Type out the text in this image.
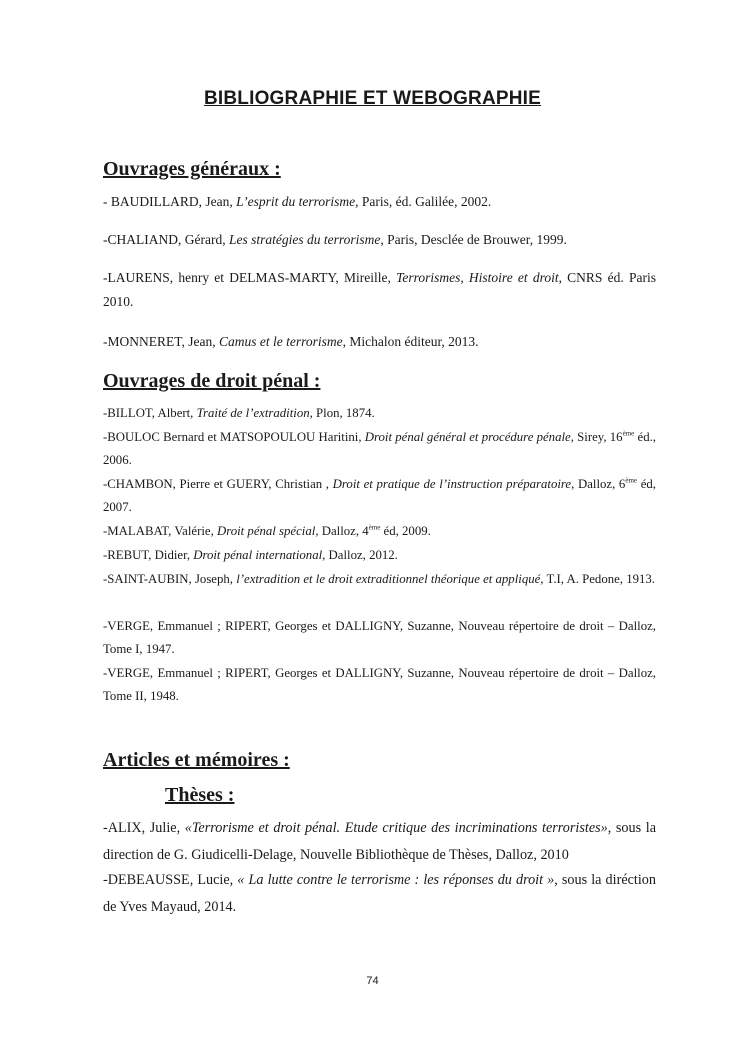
BIBLIOGRAPHIE ET WEBOGRAPHIE
Ouvrages généraux :
- BAUDILLARD, Jean, L’esprit du terrorisme, Paris, éd. Galilée, 2002.
-CHALIAND, Gérard, Les stratégies du terrorisme, Paris, Desclée de Brouwer, 1999.
-LAURENS, henry et DELMAS-MARTY, Mireille, Terrorismes, Histoire et droit, CNRS éd. Paris 2010.
-MONNERET, Jean, Camus et le terrorisme, Michalon éditeur, 2013.
Ouvrages de droit pénal :
-BILLOT, Albert, Traité de l’extradition, Plon, 1874.
-BOULOC Bernard et MATSOPOULOU Haritini, Droit pénal général et procédure pénale, Sirey, 16ème éd., 2006.
-CHAMBON, Pierre et GUERY, Christian , Droit et pratique de l’instruction préparatoire, Dalloz, 6ème éd, 2007.
-MALABAT, Valérie, Droit pénal spécial, Dalloz, 4ème éd, 2009.
-REBUT, Didier, Droit pénal international, Dalloz, 2012.
-SAINT-AUBIN, Joseph, l’extradition et le droit extraditionnel théorique et appliqué, T.I, A. Pedone, 1913.
-VERGE, Emmanuel ; RIPERT, Georges et DALLIGNY, Suzanne, Nouveau répertoire de droit – Dalloz, Tome I, 1947.
-VERGE, Emmanuel ; RIPERT, Georges et DALLIGNY, Suzanne, Nouveau répertoire de droit – Dalloz, Tome II, 1948.
Articles et mémoires :
Thèses :
-ALIX, Julie, «Terrorisme et droit pénal. Etude critique des incriminations terroristes», sous la direction de G. Giudicelli-Delage, Nouvelle Bibliothèque de Thèses, Dalloz, 2010
-DEBEAUSSE, Lucie, « La lutte contre le terrorisme : les réponses du droit », sous la diréction de Yves Mayaud, 2014.
74
